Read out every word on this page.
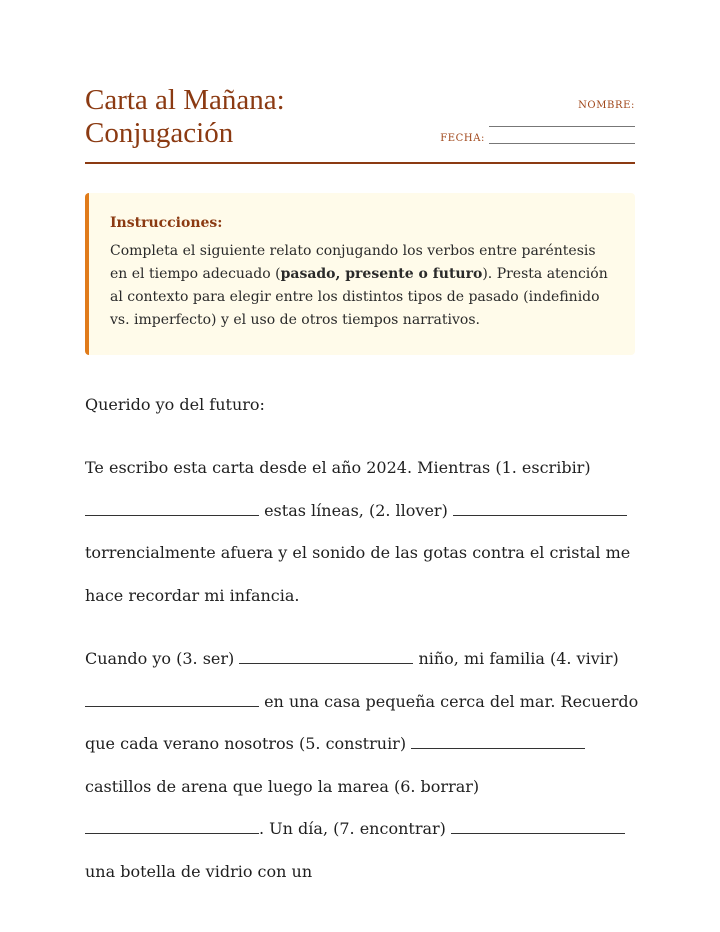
Carta al Mañana:
Conjugación
NOMBRE:
FECHA:

Instrucciones:

Completa el siguiente relato conjugando los verbos entre paréntesis en el tiempo adecuado (pasado, presente o futuro). Presta atención al contexto para elegir entre los distintos tipos de pasado (indefinido vs. imperfecto) y el uso de otros tiempos narrativos.

Querido yo del futuro:
Te escribo esta carta desde el año 2024. Mientras (1. escribir)  estas líneas, (2. llover)  torrencialmente afuera y el sonido de las gotas contra el cristal me hace recordar mi infancia.
Cuando yo (3. ser)	niño, mi familia (4. vivir)  en una casa pequeña cerca del mar. Recuerdo que cada verano nosotros (5. construir)  castillos de arena que luego la marea (6. borrar) . Un día, (7. encontrar)  una botella de vidrio con un
